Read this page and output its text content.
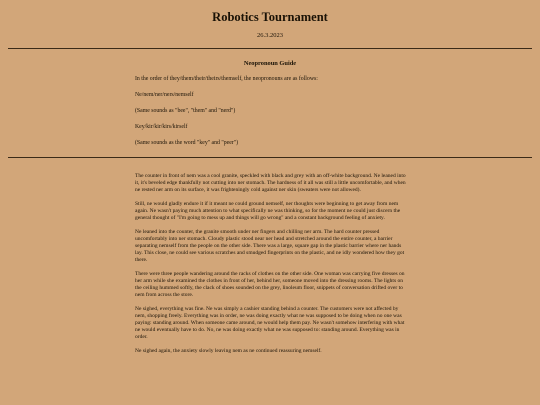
Robotics Tournament
26.3.2023
Neopronoun Guide
In the order of they/them/their/theirs/themself, the neopronouns are as follows:
Ne/nem/ner/ners/nemself
(Same sounds as "bee", "them" and "nerd")
Key/kir/kir/kirs/kirself
(Same sounds as the word "key" and "peer")

The counter in front of nem was a cool granite, speckled with black and grey with an off-white background. Ne leaned into it, it's beveled edge thankfully not cutting into ner stomach. The hardness of it all was still a little uncomfortable, and when ne rested ner arm on its surface, it was frighteningly cold against ner skin (sweaters were not allowed).

Still, ne would gladly endure it if it meant ne could ground nemself, ner thoughts were beginning to get away from nem again. Ne wasn't paying much attention to what specifically ne was thinking, so for the moment ne could just discern the general thought of "I'm going to mess up and things will go wrong" and a constant background feeling of anxiety.

Ne leaned into the counter, the granite smooth under ner fingers and chilling ner arm. The hard counter pressed uncomfortably into ner stomach. Cloudy plastic stood near ner head and stretched around the entire counter, a barrier separating nemself from the people on the other side. There was a large, square gap in the plastic barrier where ner hands lay. This close, ne could see various scratches and smudged fingerprints on the plastic, and ne idly wondered how they got there.

There were three people wandering around the racks of clothes on the other side. One woman was carrying five dresses on her arm while she examined the clothes in front of her, behind her, someone moved into the dressing rooms. The lights on the ceiling hummed softly, the clack of shoes sounded on the grey, linoleum floor, snippets of conversation drifted over to nem from across the store.

Ne sighed, everything was fine. Ne was simply a cashier standing behind a counter. The customers were not affected by nem, shopping freely. Everything was in order, ne was doing exactly what ne was supposed to be doing when no one was paying: standing around. When someone came around, ne would help them pay. Ne wasn't somehow interfering with what ne would eventually have to do. No, ne was doing exactly what ne was supposed to: standing around. Everything was in order.

Ne sighed again, the anxiety slowly leaving nem as ne continued reassuring nemself.
